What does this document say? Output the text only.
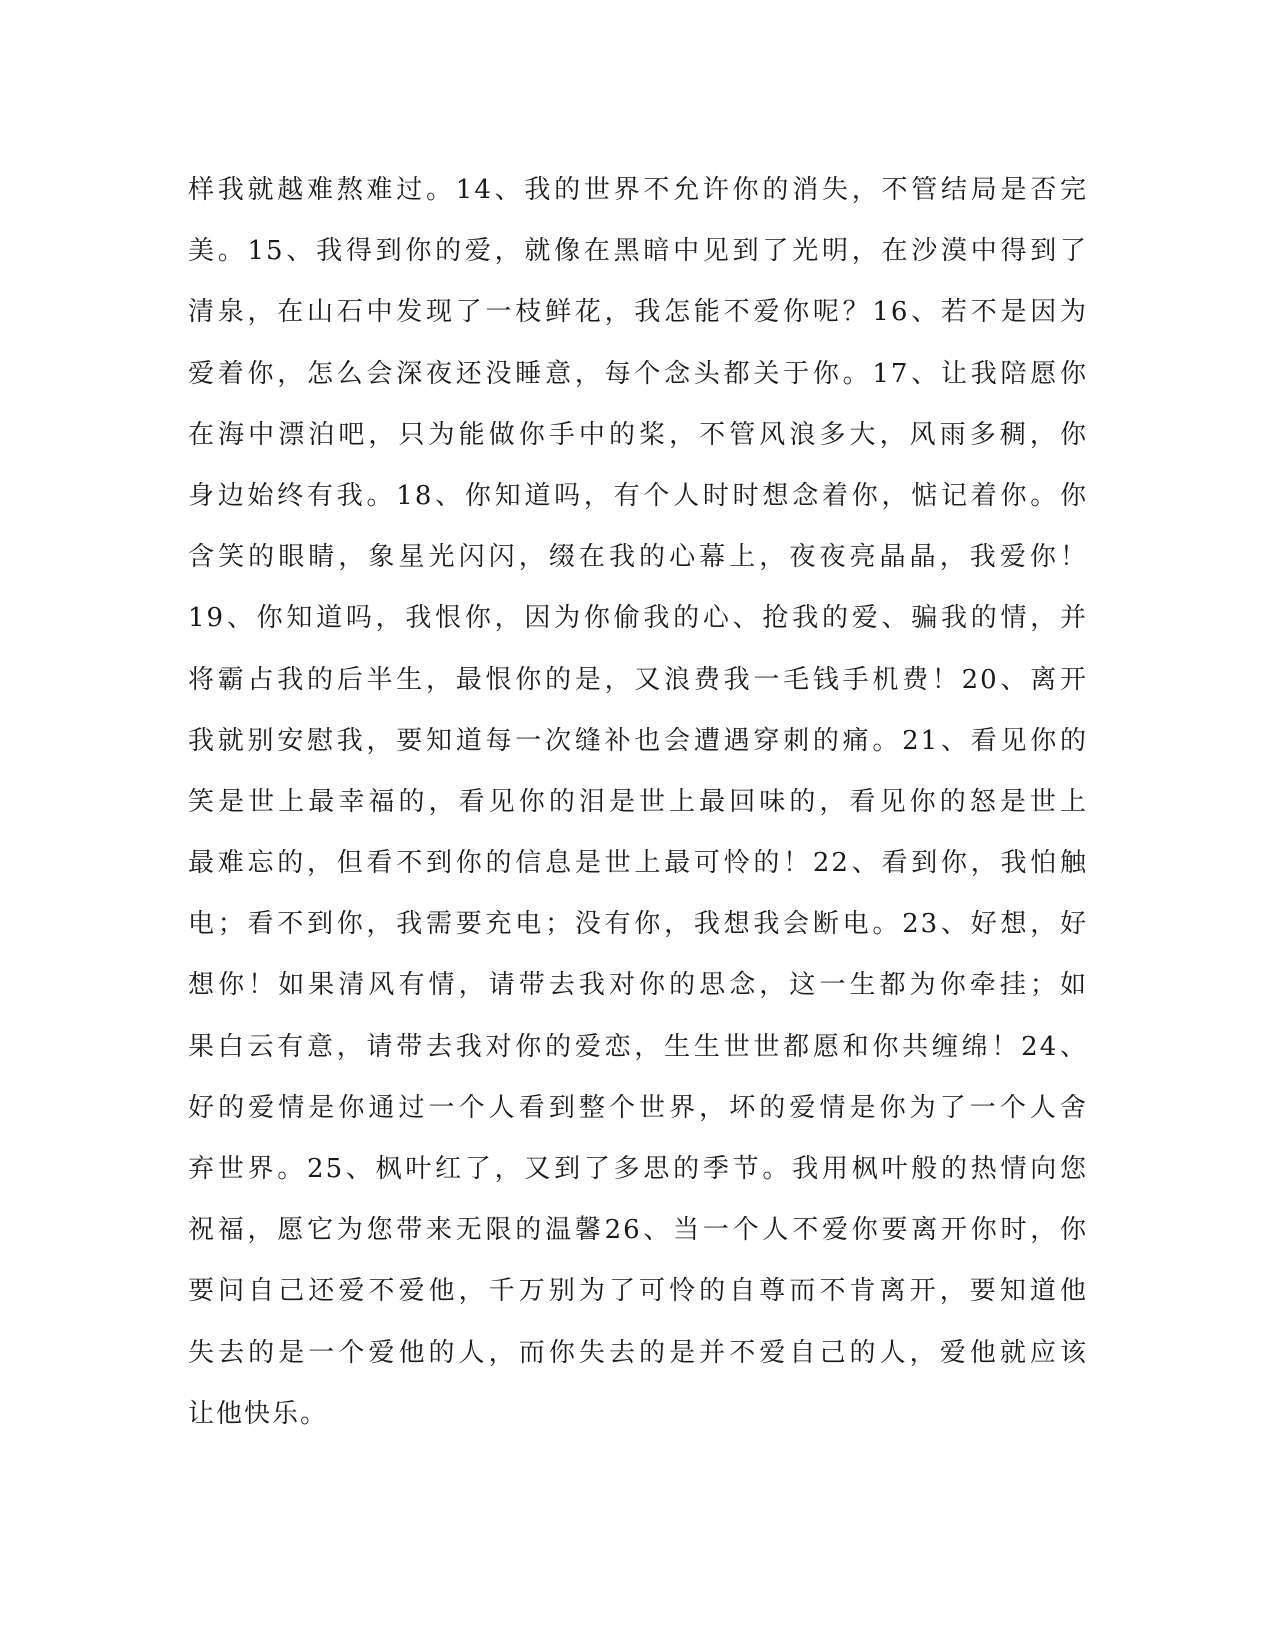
样我就越难熬难过。14、我的世界不允许你的消失，不管结局是否完
美。15、我得到你的爱，就像在黑暗中见到了光明，在沙漠中得到了
清泉，在山石中发现了一枝鲜花，我怎能不爱你呢？16、若不是因为
爱着你，怎么会深夜还没睡意，每个念头都关于你。17、让我陪愿你
在海中漂泊吧，只为能做你手中的桨，不管风浪多大，风雨多稠，你
身边始终有我。18、你知道吗，有个人时时想念着你，惦记着你。你
含笑的眼睛，象星光闪闪，缀在我的心幕上，夜夜亮晶晶，我爱你！
19、你知道吗，我恨你，因为你偷我的心、抢我的爱、骗我的情，并
将霸占我的后半生，最恨你的是，又浪费我一毛钱手机费！20、离开
我就别安慰我，要知道每一次缝补也会遭遇穿刺的痛。21、看见你的
笑是世上最幸福的，看见你的泪是世上最回味的，看见你的怒是世上
最难忘的，但看不到你的信息是世上最可怜的！22、看到你，我怕触
电；看不到你，我需要充电；没有你，我想我会断电。23、好想，好
想你！如果清风有情，请带去我对你的思念，这一生都为你牵挂；如
果白云有意，请带去我对你的爱恋，生生世世都愿和你共缠绵！24、
好的爱情是你通过一个人看到整个世界，坏的爱情是你为了一个人舍
弃世界。25、枫叶红了，又到了多思的季节。我用枫叶般的热情向您
祝福，愿它为您带来无限的温馨26、当一个人不爱你要离开你时，你
要问自己还爱不爱他，千万别为了可怜的自尊而不肯离开，要知道他
失去的是一个爱他的人，而你失去的是并不爱自己的人，爱他就应该
让他快乐。
